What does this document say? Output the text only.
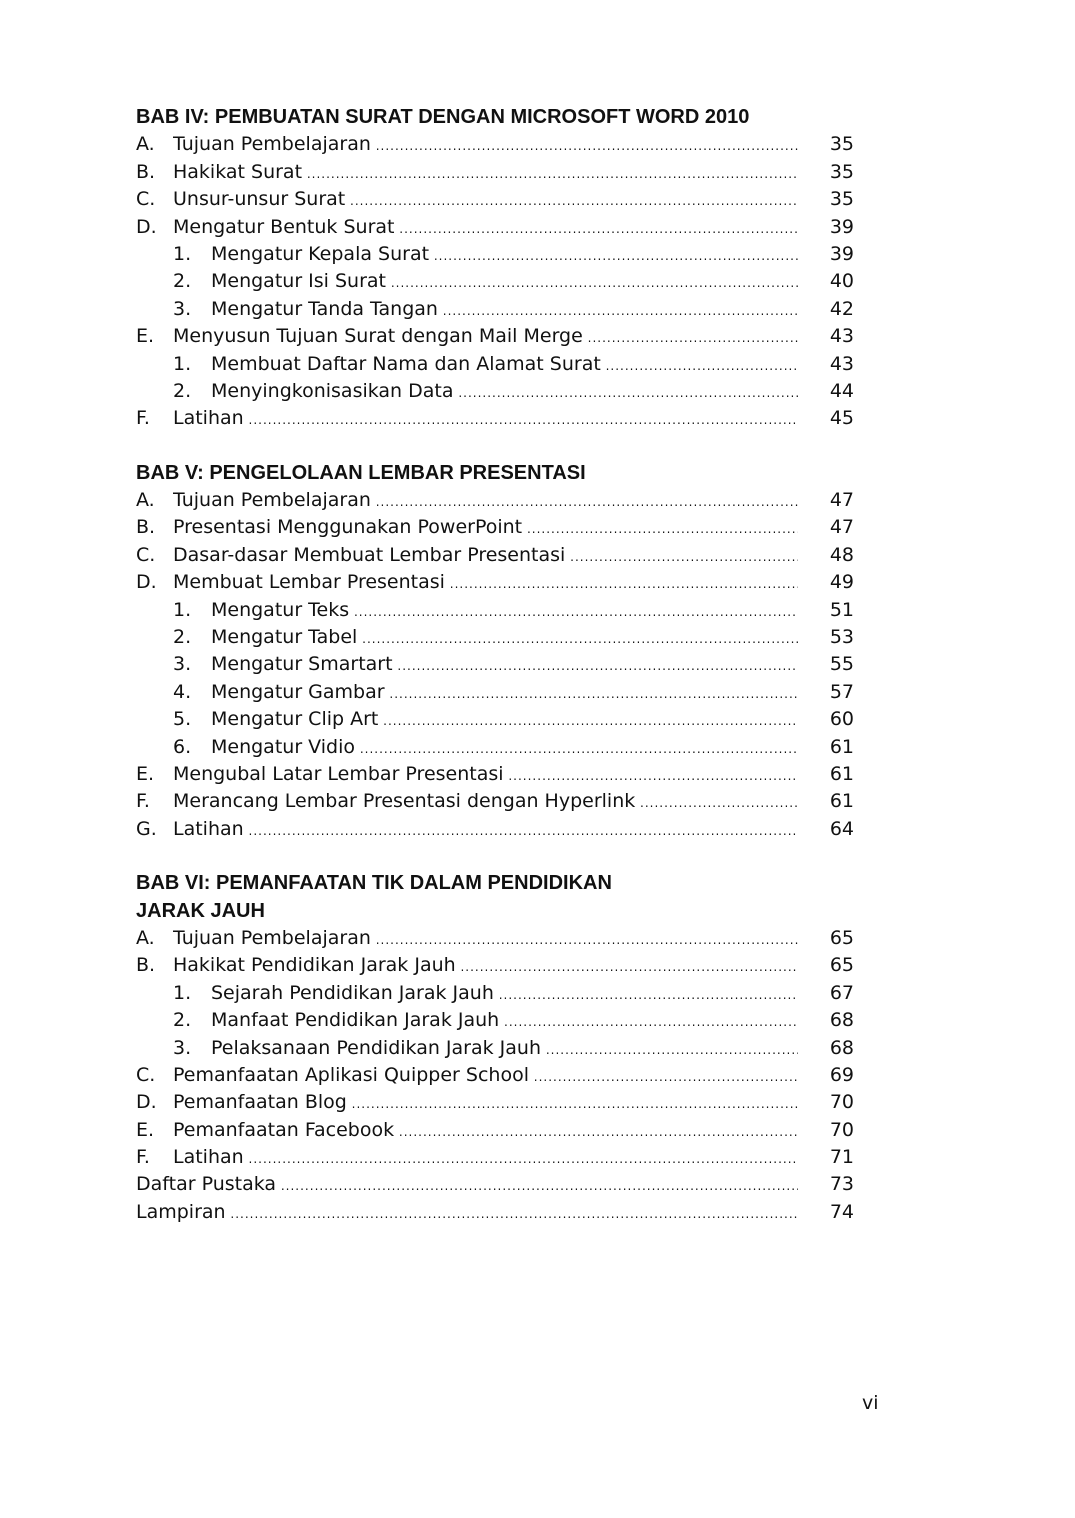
BAB IV: PEMBUATAN SURAT DENGAN MICROSOFT WORD 2010
A. Tujuan Pembelajaran .....	35
B. Hakikat Surat .....	35
C. Unsur-unsur Surat .....	35
D. Mengatur Bentuk Surat .....	39
1. Mengatur Kepala Surat .....	39
2. Mengatur Isi Surat .....	40
3. Mengatur Tanda Tangan .....	42
E. Menyusun Tujuan Surat dengan Mail Merge .....	43
1. Membuat Daftar Nama dan Alamat Surat .....	43
2. Menyingkonisasikan Data .....	44
F. Latihan .....	45
BAB V: PENGELOLAAN LEMBAR PRESENTASI
A. Tujuan Pembelajaran .....	47
B. Presentasi Menggunakan PowerPoint .....	47
C. Dasar-dasar Membuat Lembar Presentasi .....	48
D. Membuat Lembar Presentasi .....	49
1. Mengatur Teks .....	51
2. Mengatur Tabel .....	53
3. Mengatur Smartart .....	55
4. Mengatur Gambar .....	57
5. Mengatur Clip Art .....	60
6. Mengatur Vidio .....	61
E. Mengubal Latar Lembar Presentasi .....	61
F. Merancang Lembar Presentasi dengan Hyperlink .....	61
G. Latihan .....	64
BAB VI: PEMANFAATAN TIK DALAM PENDIDIKAN
JARAK JAUH
A. Tujuan Pembelajaran .....	65
B. Hakikat Pendidikan Jarak Jauh .....	65
1. Sejarah Pendidikan Jarak Jauh .....	67
2. Manfaat Pendidikan Jarak Jauh .....	68
3. Pelaksanaan Pendidikan Jarak Jauh .....	68
C. Pemanfaatan Aplikasi Quipper School .....	69
D. Pemanfaatan Blog .....	70
E. Pemanfaatan Facebook .....	70
F. Latihan .....	71
Daftar Pustaka .....	73
Lampiran .....	74
vi
